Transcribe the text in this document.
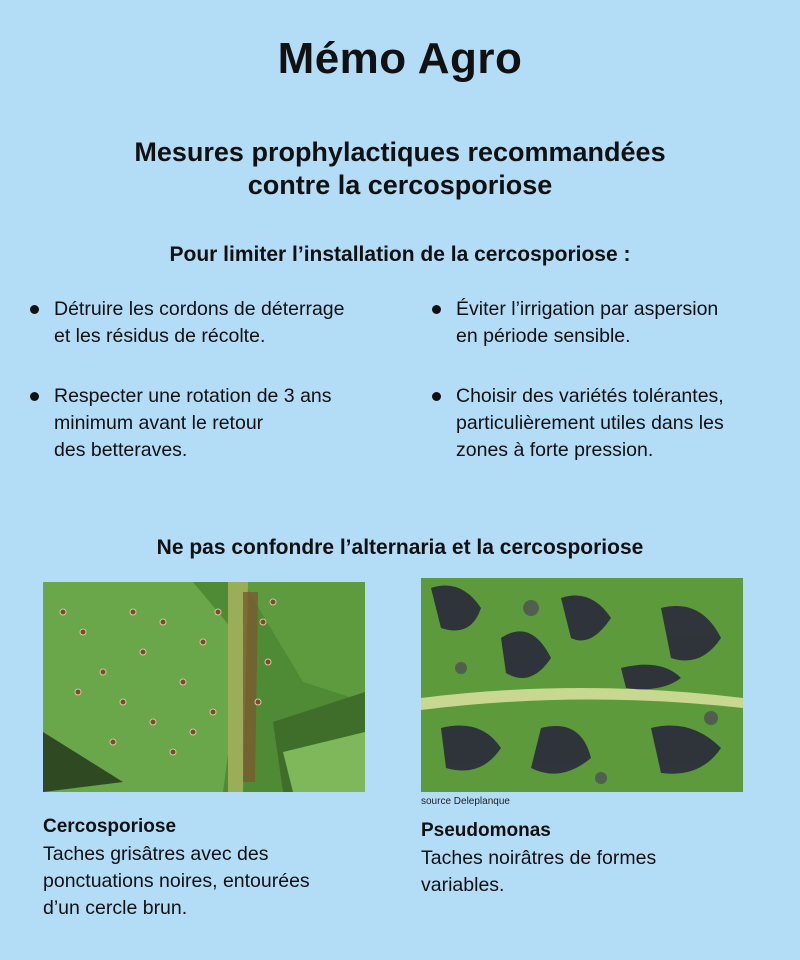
Mémo Agro
Mesures prophylactiques recommandées
contre la cercosporiose
Pour limiter l’installation de la cercosporiose :
Détruire les cordons de déterrage
et les résidus de récolte.
Éviter l’irrigation par aspersion
en période sensible.
Respecter une rotation de 3 ans
minimum avant le retour
des betteraves.
Choisir des variétés tolérantes,
particulièrement utiles dans les
zones à forte pression.
Ne pas confondre l’alternaria et la cercosporiose
source Deleplanque
Cercosporiose
Taches grisâtres avec des
ponctuations noires, entourées
d’un cercle brun.
Pseudomonas
Taches noirâtres de formes
variables.
